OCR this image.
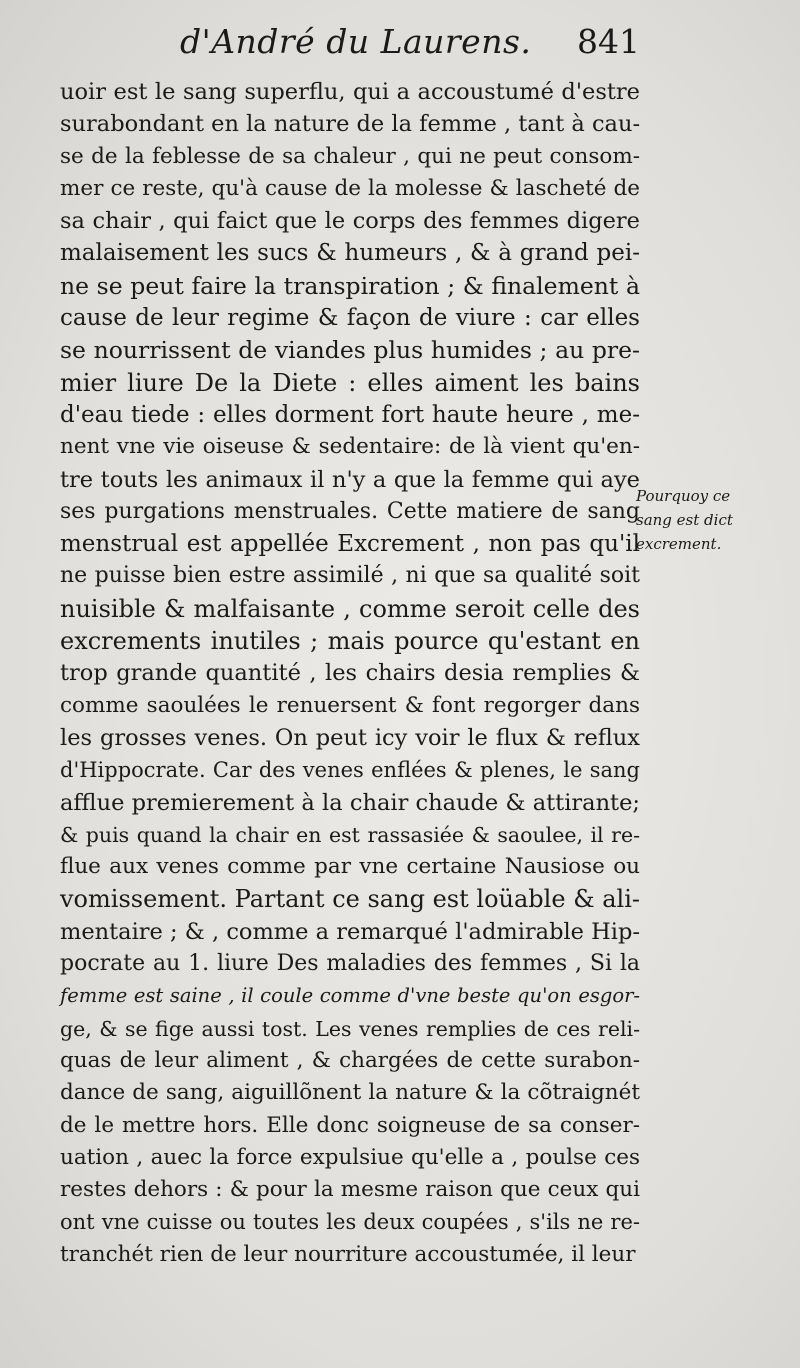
d'André du Laurens. 841
uoir est le sang superflu, qui a accoustumé d'estre
surabondant en la nature de la femme , tant à cau-
se de la feblesse de sa chaleur , qui ne peut consom-
mer ce reste, qu'à cause de la molesse & lascheté de
sa chair , qui faict que le corps des femmes digere
malaisement les sucs & humeurs , & à grand pei-
ne se peut faire la transpiration ; & finalement à
cause de leur regime & façon de viure : car elles
se nourrissent de viandes plus humides ; au pre-
mier liure De la Diete : elles aiment les bains
d'eau tiede : elles dorment fort haute heure , me-
nent vne vie oiseuse & sedentaire: de là vient qu'en-
tre touts les animaux il n'y a que la femme qui aye
ses purgations menstruales. Cette matiere de sang
menstrual est appellée Excrement , non pas qu'il
ne puisse bien estre assimilé , ni que sa qualité soit
nuisible & malfaisante , comme seroit celle des
excrements inutiles ; mais pource qu'estant en
trop grande quantité , les chairs desia remplies &
comme saoulées le renuersent & font regorger dans
les grosses venes. On peut icy voir le flux & reflux
d'Hippocrate. Car des venes enflées & plenes, le sang
afflue premierement à la chair chaude & attirante;
& puis quand la chair en est rassasiée & saoulee, il re-
flue aux venes comme par vne certaine Nausiose ou
vomissement. Partant ce sang est loüable & ali-
mentaire ; & , comme a remarqué l'admirable Hip-
pocrate au 1. liure Des maladies des femmes , Si la
femme est saine , il coule comme d'vne beste qu'on esgor-
ge, & se fige aussi tost. Les venes remplies de ces reli-
quas de leur aliment , & chargées de cette surabon-
dance de sang, aiguillõnent la nature & la cõtraignét
de le mettre hors. Elle donc soigneuse de sa conser-
uation , auec la force expulsiue qu'elle a , poulse ces
restes dehors : & pour la mesme raison que ceux qui
ont vne cuisse ou toutes les deux coupées , s'ils ne re-
tranchét rien de leur nourriture accoustumée, il leur
Pourquoy ce
sang est dict
excrement.
